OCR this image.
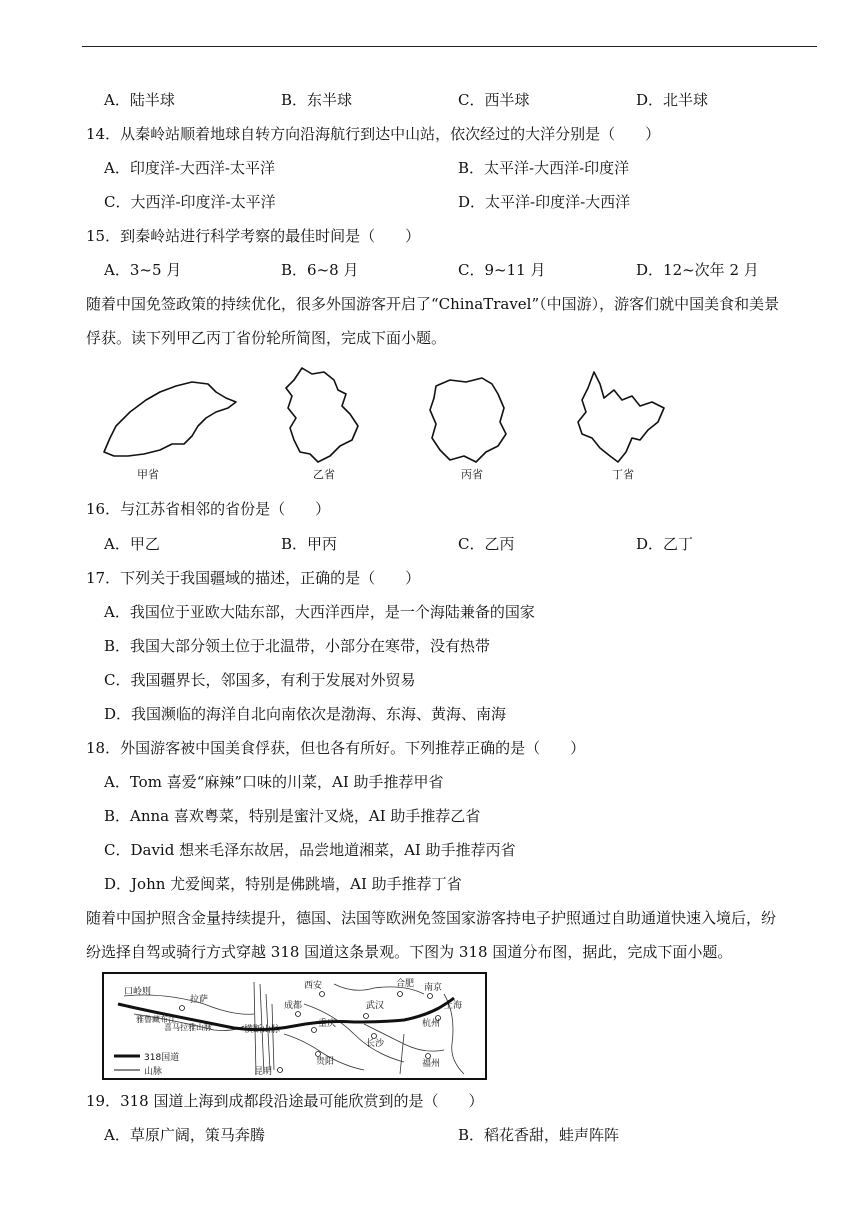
A．陆半球	B．东半球	C．西半球	D．北半球
14．从秦岭站顺着地球自转方向沿海航行到达中山站，依次经过的大洋分别是（　　）
A．印度洋-大西洋-太平洋	B．太平洋-大西洋-印度洋
C．大西洋-印度洋-太平洋	D．太平洋-印度洋-大西洋
15．到秦岭站进行科学考察的最佳时间是（　　）
A．3~5 月	B．6~8 月	C．9~11 月	D．12~次年 2 月
随着中国免签政策的持续优化，很多外国游客开启了“ChinaTravel”（中国游），游客们就中国美食和美景
俘获。读下列甲乙丙丁省份轮所简图，完成下面小题。
甲省	乙省	丙省	丁省
16．与江苏省相邻的省份是（　　）
A．甲乙	B．甲丙	C．乙丙	D．乙丁
17．下列关于我国疆域的描述，正确的是（　　）
A．我国位于亚欧大陆东部，大西洋西岸，是一个海陆兼备的国家
B．我国大部分领土位于北温带，小部分在寒带，没有热带
C．我国疆界长，邻国多，有利于发展对外贸易
D．我国濒临的海洋自北向南依次是渤海、东海、黄海、南海
18．外国游客被中国美食俘获，但也各有所好。下列推荐正确的是（　　）
A．Tom 喜爱“麻辣”口味的川菜，AI 助手推荐甲省
B．Anna 喜欢粤菜，特别是蜜汁叉烧，AI 助手推荐乙省
C．David 想来毛泽东故居，品尝地道湘菜，AI 助手推荐丙省
D．John 尤爱闽菜，特别是佛跳墙，AI 助手推荐丁省
随着中国护照含金量持续提升，德国、法国等欧洲免签国家游客持电子护照通过自助通道快速入境后，纷
纷选择自驾或骑行方式穿越 318 国道这条景观。下图为 318 国道分布图，据此，完成下面小题。
口岭则
拉萨
西安	合肥 南京
上海
成都	武汉
杭州
横断山脉
重庆
长沙
贵阳
昆明
福州
雅鲁藏布江
喜马拉雅山脉
318国道
山脉
19．318 国道上海到成都段沿途最可能欣赏到的是（　　）
A．草原广阔，策马奔腾	B．稻花香甜，蛙声阵阵
